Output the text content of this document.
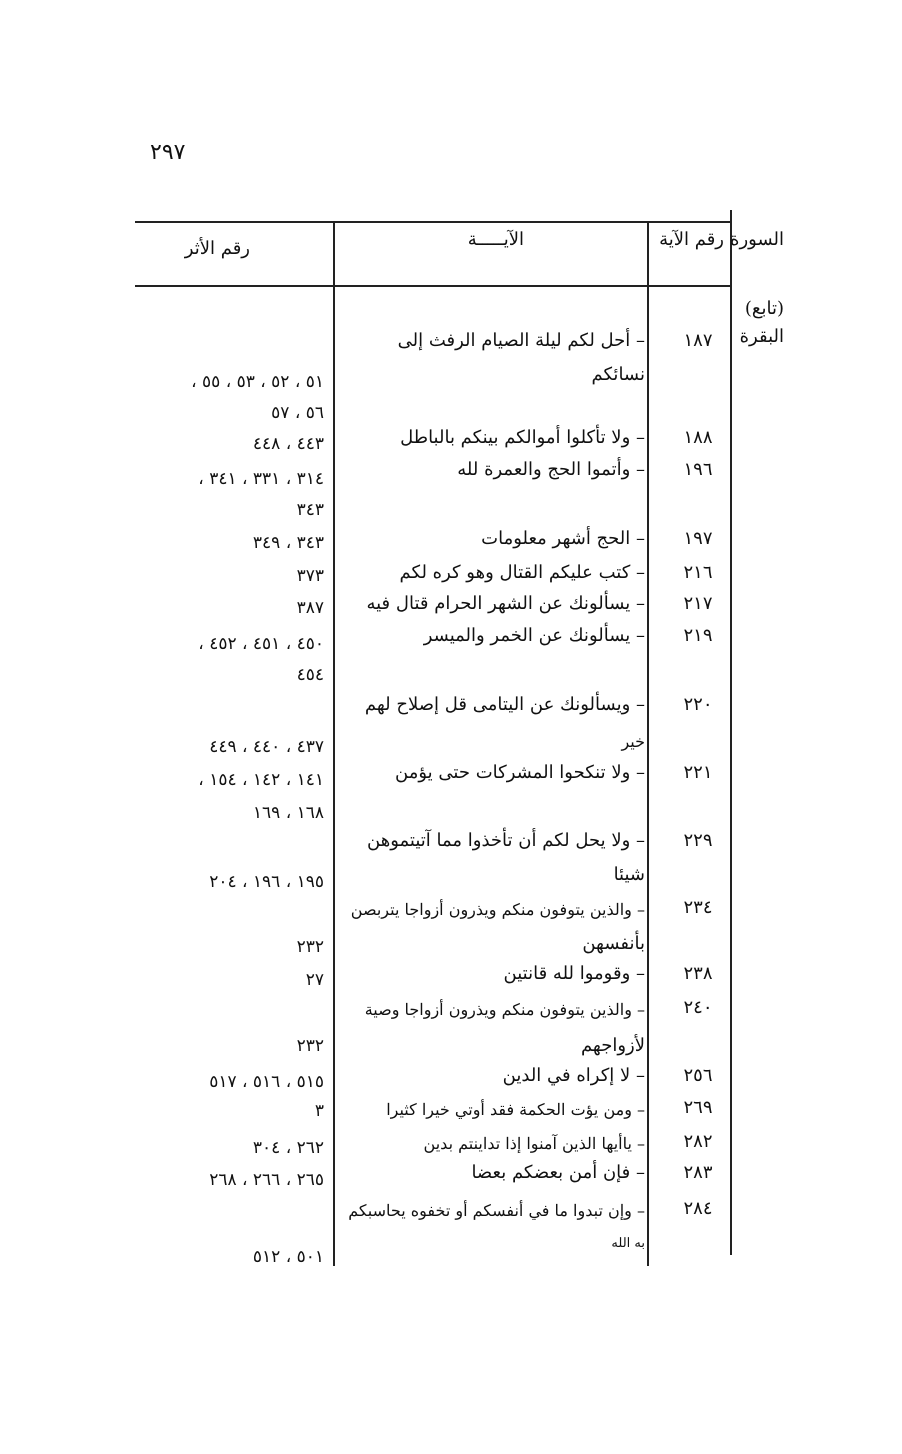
٢٩٧
السورة
رقم الآية
الآيـــــة
رقم الأثر
(تابع)
البقرة
١٨٧
– أحل لكم ليلة الصيام الرفث إلى
نسائكم
٥١ ، ٥٢ ، ٥٣ ، ٥٥ ،
٥٦ ، ٥٧
١٨٨
– ولا تأكلوا أموالكم بينكم بالباطل
٤٤٣ ، ٤٤٨
١٩٦
– وأتموا الحج والعمرة لله
٣١٤ ، ٣٣١ ، ٣٤١ ،
٣٤٣
١٩٧
– الحج أشهر معلومات
٣٤٣ ، ٣٤٩
٢١٦
– كتب عليكم القتال وهو كره لكم
٣٧٣
٢١٧
– يسألونك عن الشهر الحرام قتال فيه
٣٨٧
٢١٩
– يسألونك عن الخمر والميسر
٤٥٠ ، ٤٥١ ، ٤٥٢ ،
٤٥٤
٢٢٠
– ويسألونك عن اليتامى قل إصلاح لهم
خير
٤٣٧ ، ٤٤٠ ، ٤٤٩
٢٢١
– ولا تنكحوا المشركات حتى يؤمن
١٤١ ، ١٤٢ ، ١٥٤ ،
١٦٨ ، ١٦٩
٢٢٩
– ولا يحل لكم أن تأخذوا مما آتيتموهن
شيئا
١٩٥ ، ١٩٦ ، ٢٠٤
٢٣٤
– والذين يتوفون منكم ويذرون أزواجا يتربصن
بأنفسهن
٢٣٢
٢٣٨
– وقوموا لله قانتين
٢٧
٢٤٠
– والذين يتوفون منكم ويذرون أزواجا وصية
لأزواجهم
٢٣٢
٢٥٦
– لا إكراه في الدين
٥١٥ ، ٥١٦ ، ٥١٧
٢٦٩
– ومن يؤت الحكمة فقد أوتي خيرا كثيرا
٣
٢٨٢
– ياأيها الذين آمنوا إذا تداينتم بدين
٢٦٢ ، ٣٠٤
٢٨٣
– فإن أمن بعضكم بعضا
٢٦٥ ، ٢٦٦ ، ٢٦٨
٢٨٤
– وإن تبدوا ما في أنفسكم أو تخفوه يحاسبكم
به الله
٥٠١ ، ٥١٢
